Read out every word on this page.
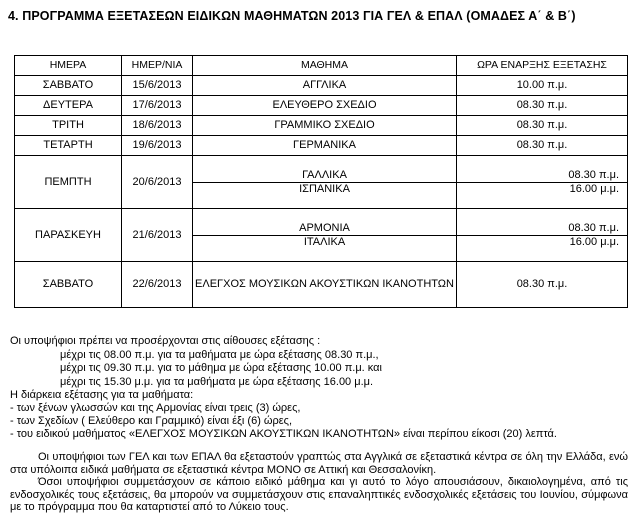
4. ΠΡΟΓΡΑΜΜΑ ΕΞΕΤΑΣΕΩΝ ΕΙΔΙΚΩΝ ΜΑΘΗΜΑΤΩΝ 2013 ΓΙΑ ΓΕΛ & ΕΠΑΛ (ΟΜΑΔΕΣ Α΄ & Β΄)
ΗΜΕΡΑ	ΗΜΕΡ/ΝΙΑ	ΜΑΘΗΜΑ	ΩΡΑ ΕΝΑΡΞΗΣ ΕΞΕΤΑΣΗΣ
ΣΑΒΒΑΤΟ	15/6/2013	ΑΓΓΛΙΚΑ	10.00 π.μ.
ΔΕΥΤΕΡΑ	17/6/2013	ΕΛΕΥΘΕΡΟ ΣΧΕΔΙΟ	08.30 π.μ.
ΤΡΙΤΗ	18/6/2013	ΓΡΑΜΜΙΚΟ ΣΧΕΔΙΟ	08.30 π.μ.
ΤΕΤΑΡΤΗ	19/6/2013	ΓΕΡΜΑΝΙΚΑ	08.30 π.μ.
ΠΕΜΠΤΗ	20/6/2013		
		ΓΑΛΛΙΚΑ	08.30 π.μ.
		ΙΣΠΑΝΙΚΑ	16.00 μ.μ.
ΠΑΡΑΣΚΕΥΗ	21/6/2013		
		ΑΡΜΟΝΙΑ	08.30 π.μ.
		ΙΤΑΛΙΚΑ	16.00 μ.μ.
ΣΑΒΒΑΤΟ	22/6/2013	ΕΛΕΓΧΟΣ ΜΟΥΣΙΚΩΝ ΑΚΟΥΣΤΙΚΩΝ ΙΚΑΝΟΤΗΤΩΝ	08.30 π.μ.
Οι υποψήφιοι πρέπει να προσέρχονται στις αίθουσες εξέτασης :
μέχρι τις 08.00 π.μ. για τα μαθήματα με ώρα εξέτασης 08.30 π.μ.,
μέχρι τις 09.30 π.μ. για το μάθημα με ώρα εξέτασης 10.00 π.μ. και
μέχρι τις 15.30 μ.μ. για τα μαθήματα με ώρα εξέτασης 16.00 μ.μ.
Η διάρκεια εξέτασης για τα μαθήματα:
- των ξένων γλωσσών και της Αρμονίας είναι τρεις (3) ώρες,
- των Σχεδίων ( Ελεύθερο και Γραμμικό) είναι έξι (6) ώρες,
- του ειδικού μαθήματος «ΕΛΕΓΧΟΣ ΜΟΥΣΙΚΩΝ ΑΚΟΥΣΤΙΚΩΝ ΙΚΑΝΟΤΗΤΩΝ» είναι περίπου είκοσι (20) λεπτά.
Οι υποψήφιοι των ΓΕΛ και των ΕΠΑΛ θα εξεταστούν γραπτώς στα Αγγλικά σε εξεταστικά κέντρα σε όλη την Ελλάδα, ενώ στα υπόλοιπα ειδικά μαθήματα σε εξεταστικά κέντρα ΜΟΝΟ σε Αττική και Θεσσαλονίκη.
Όσοι υποψήφιοι συμμετάσχουν σε κάποιο ειδικό μάθημα και γι αυτό το λόγο απουσιάσουν, δικαιολογημένα, από τις ενδοσχολικές τους εξετάσεις, θα μπορούν να συμμετάσχουν στις επαναληπτικές ενδοσχολικές εξετάσεις του Ιουνίου, σύμφωνα με το πρόγραμμα που θα καταρτιστεί από το Λύκειο τους.
